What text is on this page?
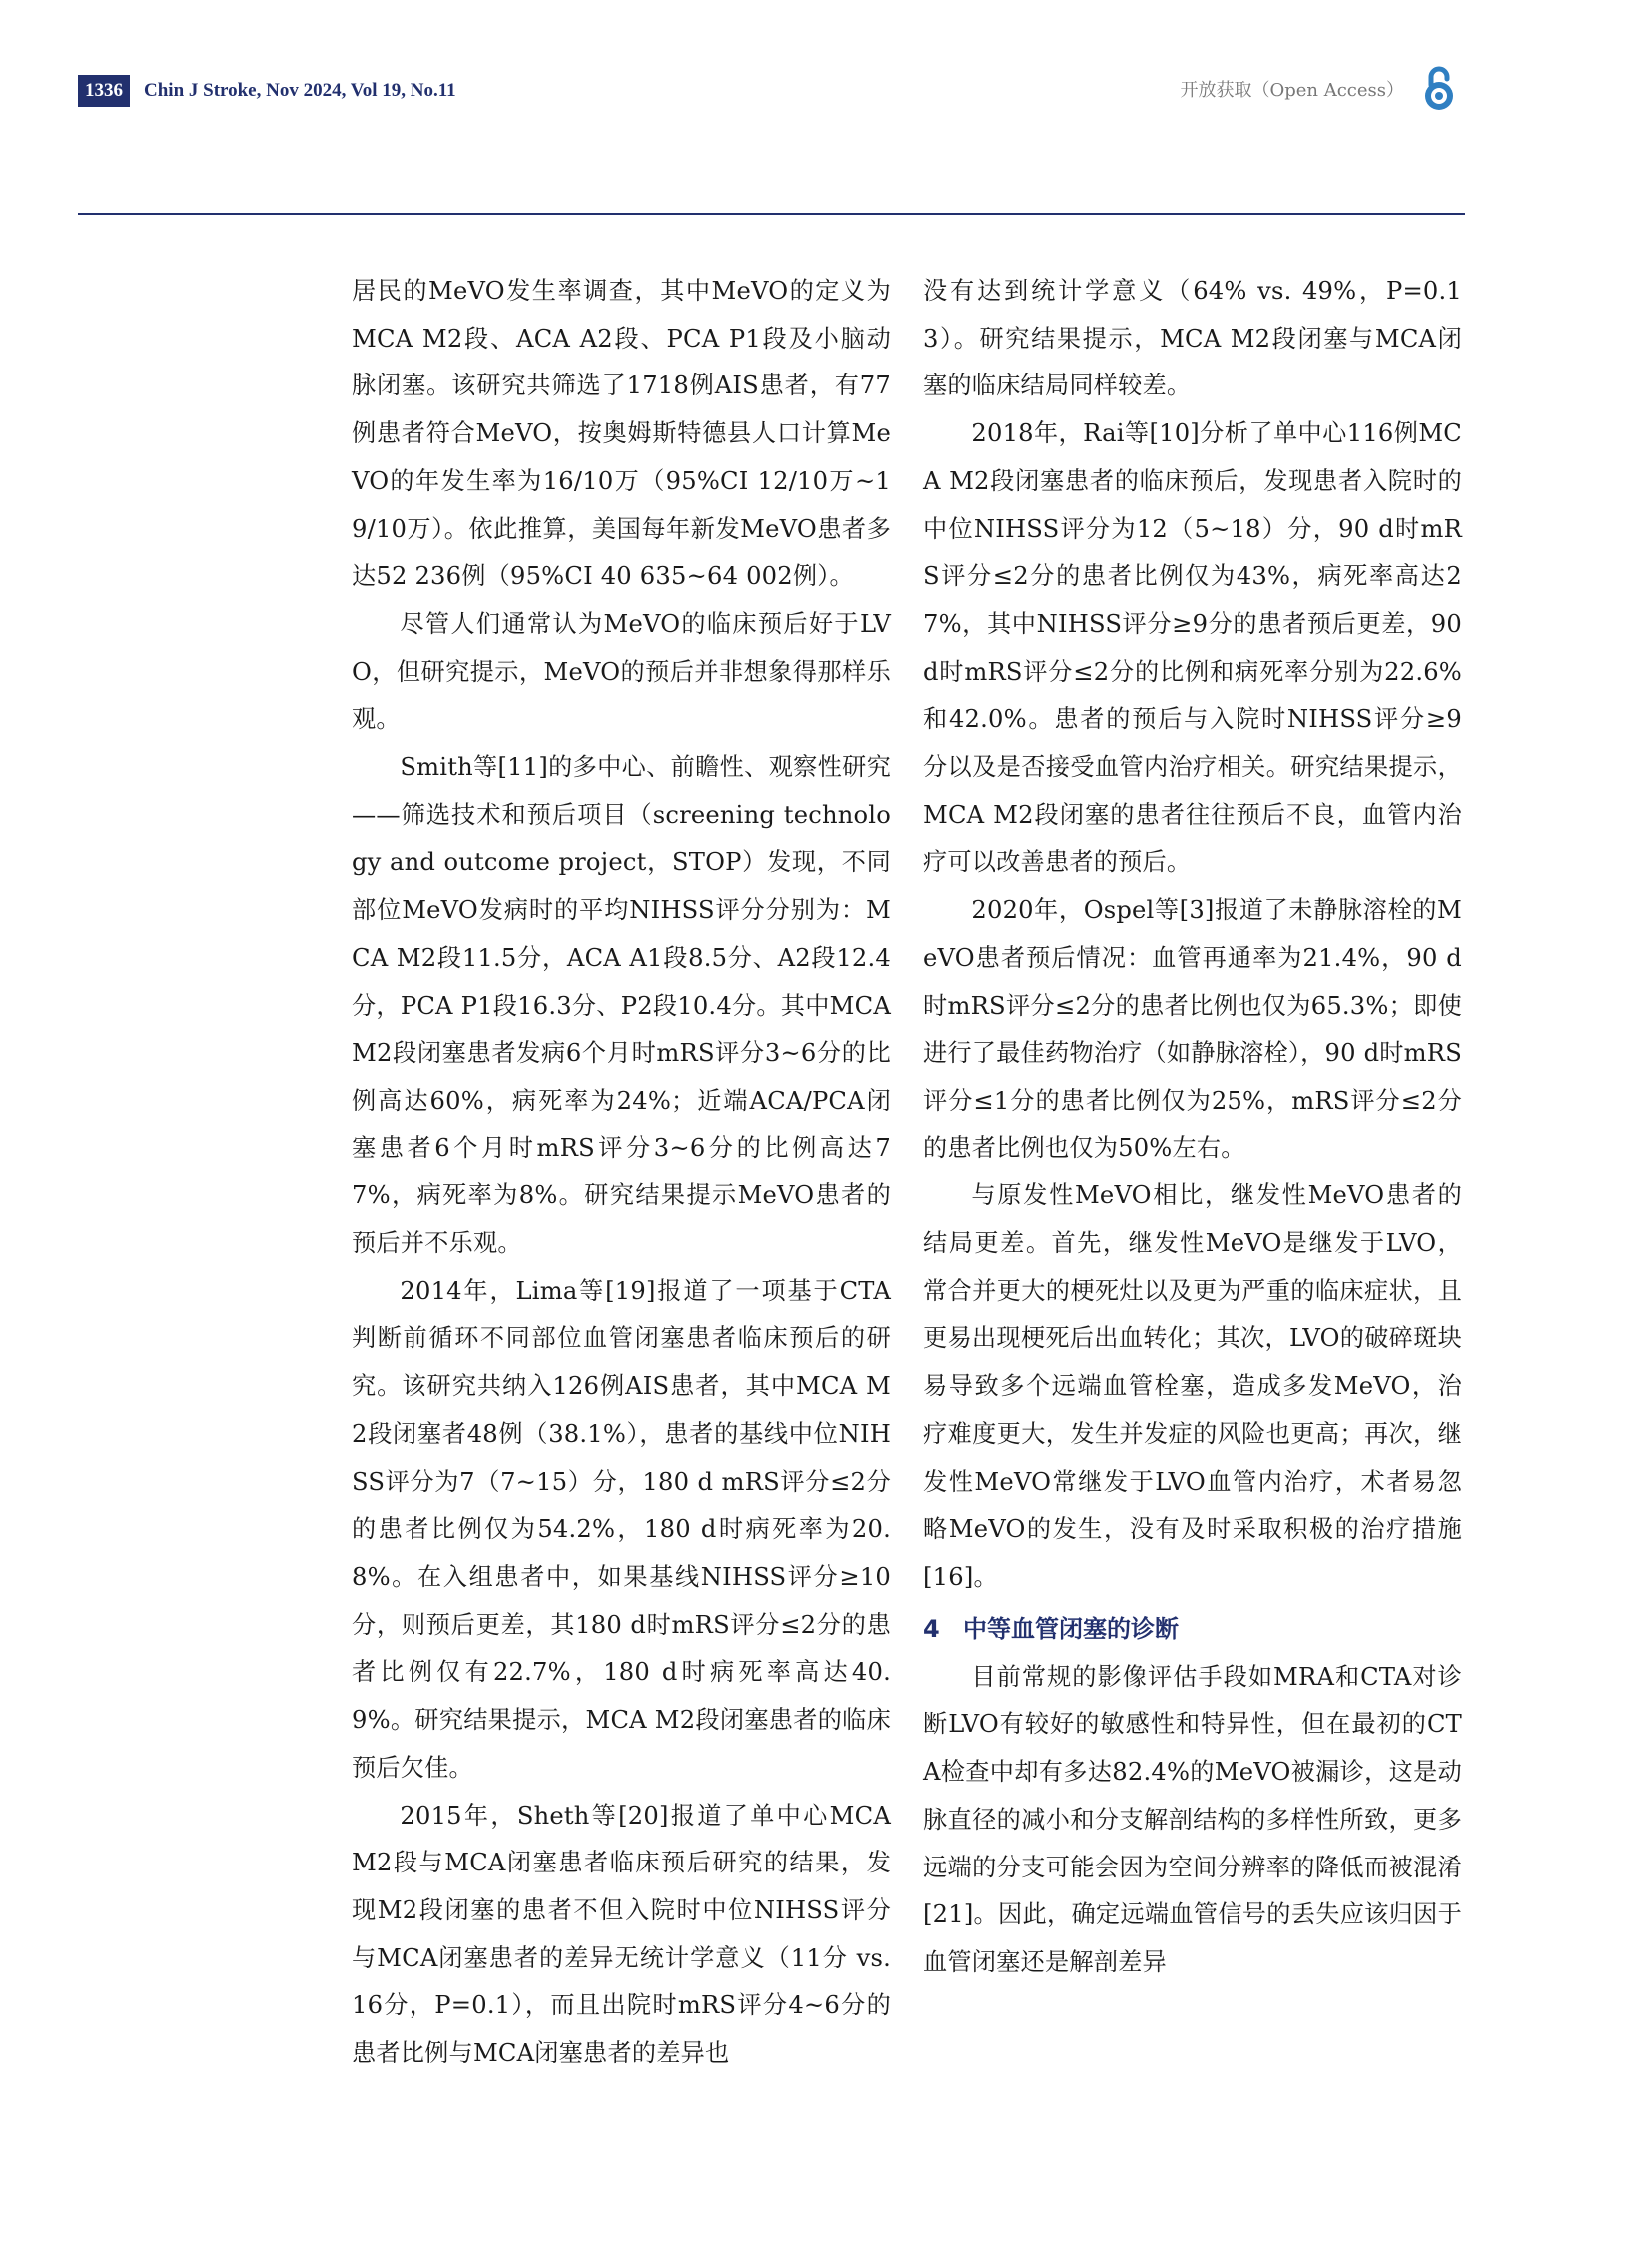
1336	Chin J Stroke, Nov 2024, Vol 19, No.11	开放获取（Open Access）

居民的MeVO发生率调查，其中MeVO的定义为MCA M2段、ACA A2段、PCA P1段及小脑动脉闭塞。该研究共筛选了1718例AIS患者，有77例患者符合MeVO，按奥姆斯特德县人口计算MeVO的年发生率为16/10万（95%CI 12/10万~19/10万）。依此推算，美国每年新发MeVO患者多达52 236例（95%CI 40 635~64 002例）。

尽管人们通常认为MeVO的临床预后好于LVO，但研究提示，MeVO的预后并非想象得那样乐观。

Smith等[11]的多中心、前瞻性、观察性研究——筛选技术和预后项目（screening technology and outcome project，STOP）发现，不同部位MeVO发病时的平均NIHSS评分分别为：MCA M2段11.5分，ACA A1段8.5分、A2段12.4分，PCA P1段16.3分、P2段10.4分。其中MCA M2段闭塞患者发病6个月时mRS评分3~6分的比例高达60%，病死率为24%；近端ACA/PCA闭塞患者6个月时mRS评分3~6分的比例高达77%，病死率为8%。研究结果提示MeVO患者的预后并不乐观。

2014年，Lima等[19]报道了一项基于CTA判断前循环不同部位血管闭塞患者临床预后的研究。该研究共纳入126例AIS患者，其中MCA M2段闭塞者48例（38.1%），患者的基线中位NIHSS评分为7（7~15）分，180 d mRS评分≤2分的患者比例仅为54.2%，180 d时病死率为20.8%。在入组患者中，如果基线NIHSS评分≥10分，则预后更差，其180 d时mRS评分≤2分的患者比例仅有22.7%，180 d时病死率高达40.9%。研究结果提示，MCA M2段闭塞患者的临床预后欠佳。

2015年，Sheth等[20]报道了单中心MCA M2段与MCA闭塞患者临床预后研究的结果，发现M2段闭塞的患者不但入院时中位NIHSS评分与MCA闭塞患者的差异无统计学意义（11分 vs. 16分，P=0.1），而且出院时mRS评分4~6分的患者比例与MCA闭塞患者的差异也

没有达到统计学意义（64% vs. 49%，P=0.13）。研究结果提示，MCA M2段闭塞与MCA闭塞的临床结局同样较差。

2018年，Rai等[10]分析了单中心116例MCA M2段闭塞患者的临床预后，发现患者入院时的中位NIHSS评分为12（5~18）分，90 d时mRS评分≤2分的患者比例仅为43%，病死率高达27%，其中NIHSS评分≥9分的患者预后更差，90 d时mRS评分≤2分的比例和病死率分别为22.6%和42.0%。患者的预后与入院时NIHSS评分≥9分以及是否接受血管内治疗相关。研究结果提示，MCA M2段闭塞的患者往往预后不良，血管内治疗可以改善患者的预后。

2020年，Ospel等[3]报道了未静脉溶栓的MeVO患者预后情况：血管再通率为21.4%，90 d时mRS评分≤2分的患者比例也仅为65.3%；即使进行了最佳药物治疗（如静脉溶栓），90 d时mRS评分≤1分的患者比例仅为25%，mRS评分≤2分的患者比例也仅为50%左右。

与原发性MeVO相比，继发性MeVO患者的结局更差。首先，继发性MeVO是继发于LVO，常合并更大的梗死灶以及更为严重的临床症状，且更易出现梗死后出血转化；其次，LVO的破碎斑块易导致多个远端血管栓塞，造成多发MeVO，治疗难度更大，发生并发症的风险也更高；再次，继发性MeVO常继发于LVO血管内治疗，术者易忽略MeVO的发生，没有及时采取积极的治疗措施[16]。

4 中等血管闭塞的诊断

目前常规的影像评估手段如MRA和CTA对诊断LVO有较好的敏感性和特异性，但在最初的CTA检查中却有多达82.4%的MeVO被漏诊，这是动脉直径的减小和分支解剖结构的多样性所致，更多远端的分支可能会因为空间分辨率的降低而被混淆[21]。因此，确定远端血管信号的丢失应该归因于血管闭塞还是解剖差异
